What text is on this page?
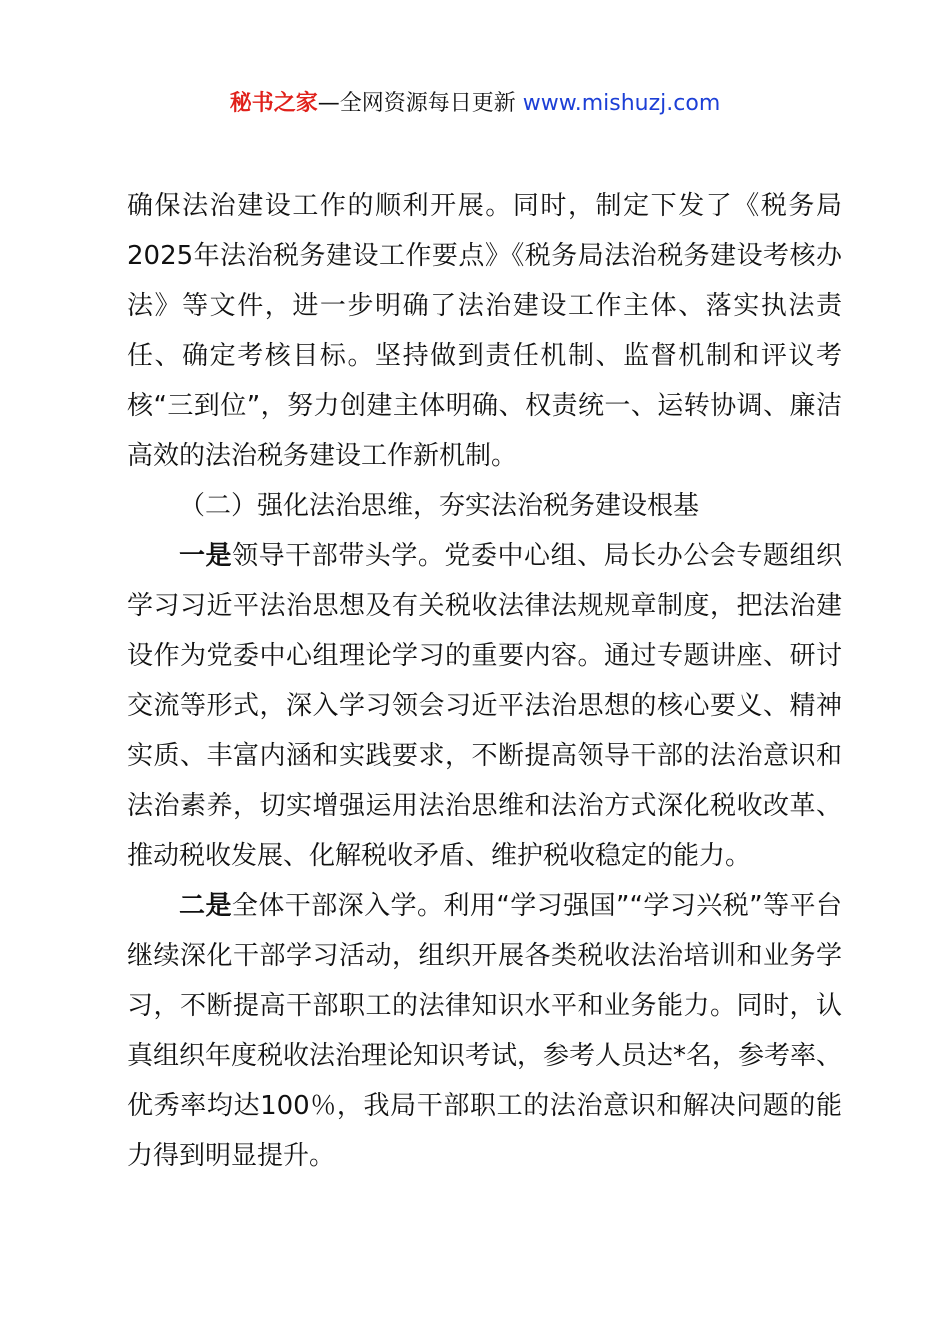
秘书之家—全网资源每日更新 www.mishuzj.com

确保法治建设工作的顺利开展。同时，制定下发了《税务局2025年法治税务建设工作要点》《税务局法治税务建设考核办法》等文件，进一步明确了法治建设工作主体、落实执法责任、确定考核目标。坚持做到责任机制、监督机制和评议考核“三到位”，努力创建主体明确、权责统一、运转协调、廉洁高效的法治税务建设工作新机制。

（二）强化法治思维，夯实法治税务建设根基

一是领导干部带头学。党委中心组、局长办公会专题组织学习习近平法治思想及有关税收法律法规规章制度，把法治建设作为党委中心组理论学习的重要内容。通过专题讲座、研讨交流等形式，深入学习领会习近平法治思想的核心要义、精神实质、丰富内涵和实践要求，不断提高领导干部的法治意识和法治素养，切实增强运用法治思维和法治方式深化税收改革、推动税收发展、化解税收矛盾、维护税收稳定的能力。

二是全体干部深入学。利用“学习强国”“学习兴税”等平台继续深化干部学习活动，组织开展各类税收法治培训和业务学习，不断提高干部职工的法律知识水平和业务能力。同时，认真组织年度税收法治理论知识考试，参考人员达*名，参考率、优秀率均达100％，我局干部职工的法治意识和解决问题的能力得到明显提升。
